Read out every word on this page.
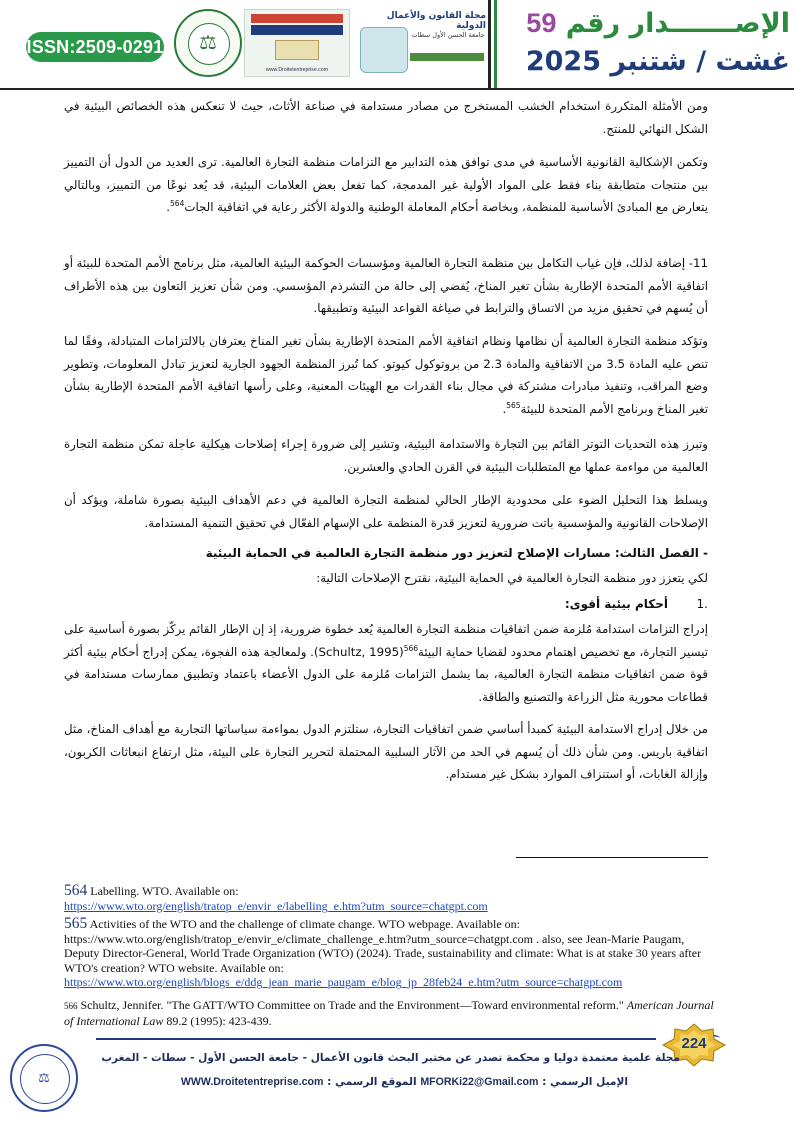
ISSN:2509-0291	⚖
www.Droitetentreprise.com
مجلة القانون والأعمال الدولية
جامعة الحسن الأول سطات	الإصـــــــدار رقم 59
غشت / شتنبر 2025
ومن الأمثلة المتكررة استخدام الخشب المستخرج من مصادر مستدامة في صناعة الأثاث، حيث لا تنعكس هذه الخصائص البيئية في الشكل النهائي للمنتج.
وتكمن الإشكالية القانونية الأساسية في مدى توافق هذه التدابير مع التزامات منظمة التجارة العالمية. ترى العديد من الدول أن التمييز بين منتجات متطابقة بناء فقط على المواد الأولية غير المدمجة، كما تفعل بعض العلامات البيئية، قد يُعد نوعًا من التمييز، وبالتالي يتعارض مع المبادئ الأساسية للمنظمة، وبخاصة أحكام المعاملة الوطنية والدولة الأكثر رعاية في اتفاقية الجات$^{564}$.
11- إضافة لذلك، فإن غياب التكامل بين منظمة التجارة العالمية ومؤسسات الحوكمة البيئية العالمية، مثل برنامج الأمم المتحدة للبيئة أو اتفاقية الأمم المتحدة الإطارية بشأن تغير المناخ، يُفضي إلى حالة من التشرذم المؤسسي. ومن شأن تعزيز التعاون بين هذه الأطراف أن يُسهم في تحقيق مزيد من الاتساق والترابط في صياغة القواعد البيئية وتطبيقها.
وتؤكد منظمة التجارة العالمية أن نظامها ونظام اتفاقية الأمم المتحدة الإطارية بشأن تغير المناخ يعترفان بالالتزامات المتبادلة، وفقًا لما تنص عليه المادة 3.5 من الاتفاقية والمادة 2.3 من بروتوكول كيوتو. كما تُبرز المنظمة الجهود الجارية لتعزيز تبادل المعلومات، وتطوير وضع المراقب، وتنفيذ مبادرات مشتركة في مجال بناء القدرات مع الهيئات المعنية، وعلى رأسها اتفاقية الأمم المتحدة الإطارية بشأن تغير المناخ وبرنامج الأمم المتحدة للبيئة$^{565}$.
وتبرز هذه التحديات التوتر القائم بين التجارة والاستدامة البيئية، وتشير إلى ضرورة إجراء إصلاحات هيكلية عاجلة تمكن منظمة التجارة العالمية من مواءمة عملها مع المتطلبات البيئية في القرن الحادي والعشرين.
ويسلط هذا التحليل الضوء على محدودية الإطار الحالي لمنظمة التجارة العالمية في دعم الأهداف البيئية بصورة شاملة، ويؤكد أن الإصلاحات القانونية والمؤسسية باتت ضرورية لتعزيز قدرة المنظمة على الإسهام الفعّال في تحقيق التنمية المستدامة.
- الفصل الثالث: مسارات الإصلاح لتعزيز دور منظمة التجارة العالمية في الحماية البيئية
لكي يتعزز دور منظمة التجارة العالمية في الحماية البيئية، نقترح الإصلاحات التالية:
1.أحكام بيئية أقوى:
إدراج التزامات استدامة مُلزمة ضمن اتفاقيات منظمة التجارة العالمية يُعد خطوة ضرورية، إذ إن الإطار القائم يركّز بصورة أساسية على تيسير التجارة، مع تخصيص اهتمام محدود لقضايا حماية البيئة$^{566}$(Schultz, 1995). ولمعالجة هذه الفجوة، يمكن إدراج أحكام بيئية أكثر قوة ضمن اتفاقيات منظمة التجارة العالمية، بما يشمل التزامات مُلزمة على الدول الأعضاء باعتماد وتطبيق ممارسات مستدامة في قطاعات محورية مثل الزراعة والتصنيع والطاقة.
من خلال إدراج الاستدامة البيئية كمبدأ أساسي ضمن اتفاقيات التجارة، ستلتزم الدول بمواءمة سياساتها التجارية مع أهداف المناخ، مثل اتفاقية باريس. ومن شأن ذلك أن يُسهم في الحد من الآثار السلبية المحتملة لتحرير التجارة على البيئة، مثل ارتفاع انبعاثات الكربون، وإزالة الغابات، أو استنزاف الموارد بشكل غير مستدام.
564 Labelling. WTO. Available on:
https://www.wto.org/english/tratop_e/envir_e/labelling_e.htm?utm_source=chatgpt.com
565 Activities of the WTO and the challenge of climate change. WTO webpage. Available on:
https://www.wto.org/english/tratop_e/envir_e/climate_challenge_e.htm?utm_source=chatgpt.com . also, see Jean-Marie Paugam, Deputy Director-General, World Trade Organization (WTO) (2024). Trade, sustainability and climate: What is at stake 30 years after WTO's creation? WTO website. Available on:
https://www.wto.org/english/blogs_e/ddg_jean_marie_paugam_e/blog_jp_28feb24_e.htm?utm_source=chatgpt.com
566 Schultz, Jennifer. "The GATT/WTO Committee on Trade and the Environment—Toward environmental reform." American Journal of International Law 89.2 (1995): 423-439.
224
مجلة علمية معتمدة دوليا و محكمة تصدر عن مختبر البحث قانون الأعمال - جامعة الحسن الأول - سطات - المغرب
الإميل الرسمي : MFORKi22@Gmail.com الموقع الرسمي : WWW.Droitetentreprise.com
⚖
